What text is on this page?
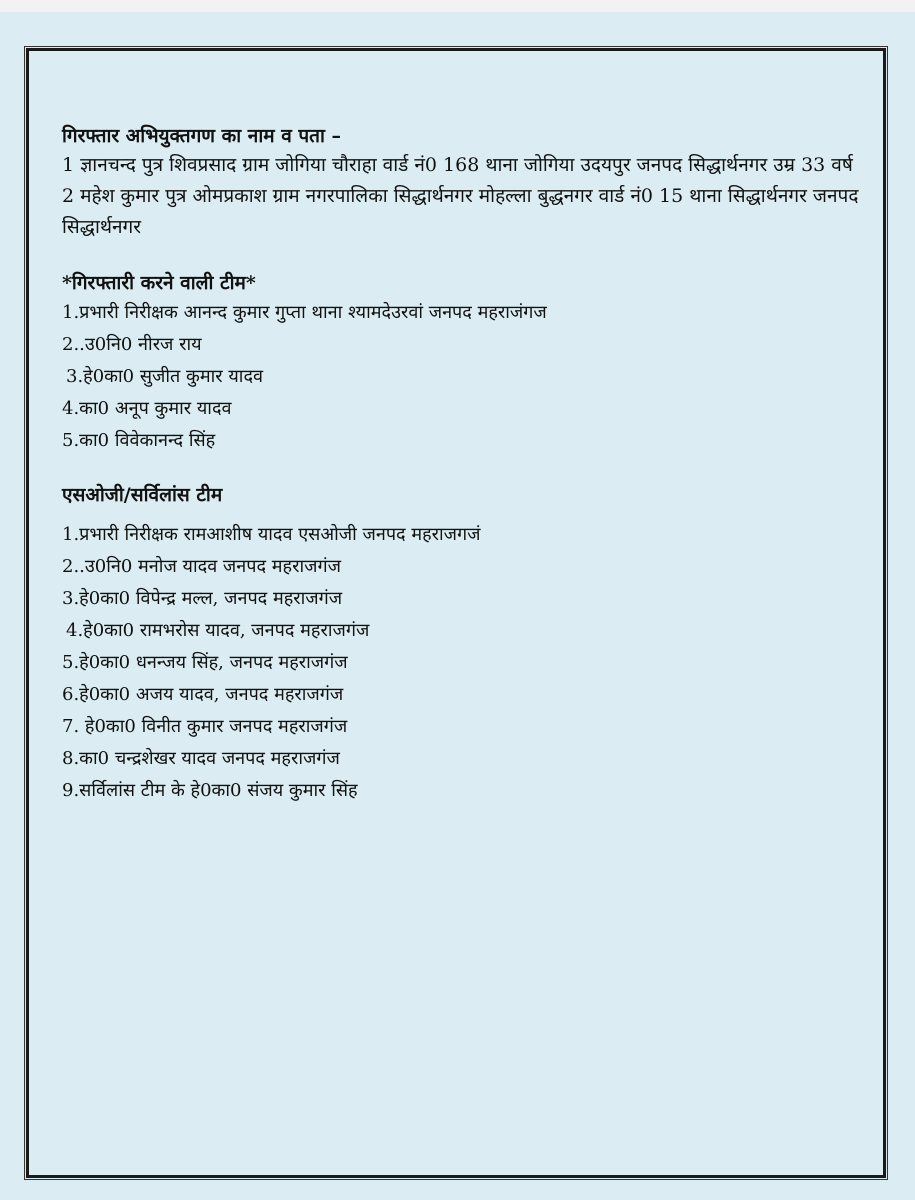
गिरफ्तार अभियुक्तगण का नाम व पता –

1 ज्ञानचन्द पुत्र शिवप्रसाद ग्राम जोगिया चौराहा वार्ड नं0 168 थाना जोगिया उदयपुर जनपद सिद्धार्थनगर उम्र 33 वर्ष

2 महेश कुमार पुत्र ओमप्रकाश ग्राम नगरपालिका सिद्धार्थनगर मोहल्ला बुद्धनगर वार्ड नं0 15 थाना सिद्धार्थनगर जनपद सिद्धार्थनगर

*गिरफ्तारी करने वाली टीम*

1.प्रभारी निरीक्षक आनन्द कुमार गुप्ता थाना श्यामदेउरवां जनपद महराजंगज

2..उ0नि0 नीरज राय

3.हे0का0 सुजीत कुमार यादव

4.का0 अनूप कुमार यादव

5.का0 विवेकानन्द सिंह

एसओजी/सर्विलांस टीम

1.प्रभारी निरीक्षक रामआशीष यादव एसओजी जनपद महराजगजं

2..उ0नि0 मनोज यादव जनपद महराजगंज

3.हे0का0 विपेन्द्र मल्ल, जनपद महराजगंज

4.हे0का0 रामभरोस यादव, जनपद महराजगंज

5.हे0का0 धनन्जय सिंह, जनपद महराजगंज

6.हे0का0 अजय यादव, जनपद महराजगंज

7. हे0का0 विनीत कुमार जनपद महराजगंज

8.का0 चन्द्रशेखर यादव जनपद महराजगंज

9.सर्विलांस टीम के हे0का0 संजय कुमार सिंह
